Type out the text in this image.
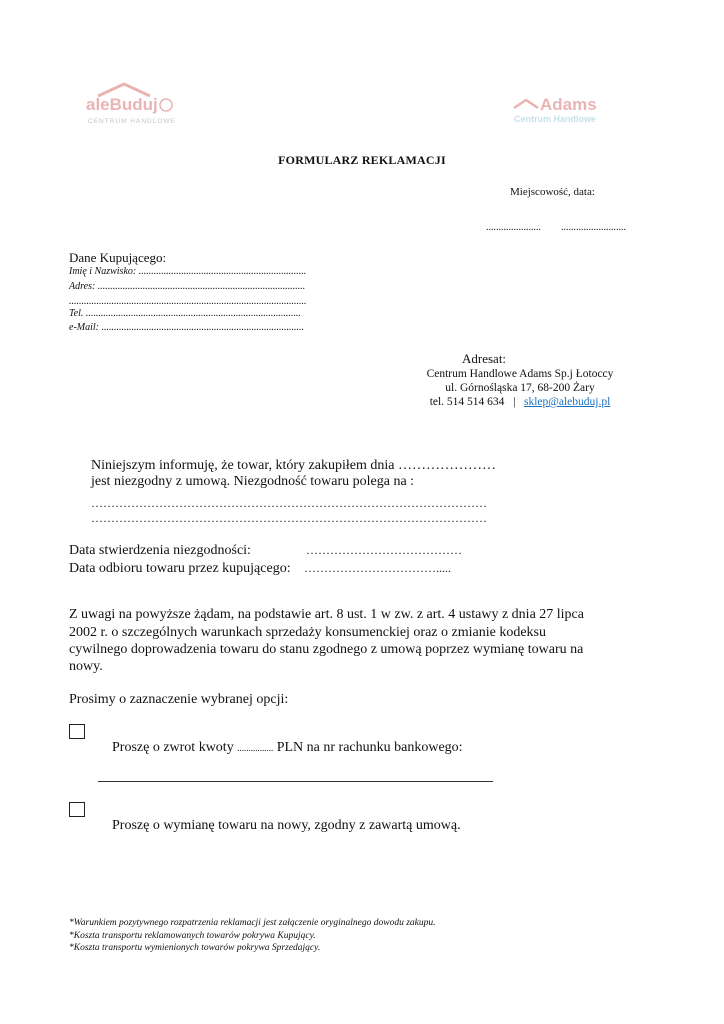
aleBuduj
CENTRUM HANDLOWE
Adams
Centrum Handlowe
FORMULARZ REKLAMACJI
Miejscowość, data:
...................... ..........................
Dane Kupującego:
Imię i Nazwisko: ...................................................................
Adres: ...................................................................................
...............................................................................................
Tel. ......................................................................................
e-Mail: .................................................................................
Adresat:
Centrum Handlowe Adams Sp.j Łotoccy
ul. Górnośląska 17, 68-200 Żary
tel. 514 514 634 | sklep@alebuduj.pl
Niniejszym informuję, że towar, który zakupiłem dnia …………………
jest niezgodny z umową. Niezgodność towaru polega na :
………………………………………………………………………………………
………………………………………………………………………………………
Data stwierdzenia niezgodności:	…………………………………
Data odbioru towaru przez kupującego: …………………………….....
Z uwagi na powyższe żądam, na podstawie art. 8 ust. 1 w zw. z art. 4 ustawy z dnia 27 lipca
2002 r. o szczególnych warunkach sprzedaży konsumenckiej oraz o zmianie kodeksu
cywilnego doprowadzenia towaru do stanu zgodnego z umową poprzez wymianę towaru na
nowy.
Prosimy o zaznaczenie wybranej opcji:
Proszę o zwrot kwoty ................ PLN na nr rachunku bankowego:
Proszę o wymianę towaru na nowy, zgodny z zawartą umową.
*Warunkiem pozytywnego rozpatrzenia reklamacji jest załączenie oryginalnego dowodu zakupu.
*Koszta transportu reklamowanych towarów pokrywa Kupujący.
*Koszta transportu wymienionych towarów pokrywa Sprzedający.
